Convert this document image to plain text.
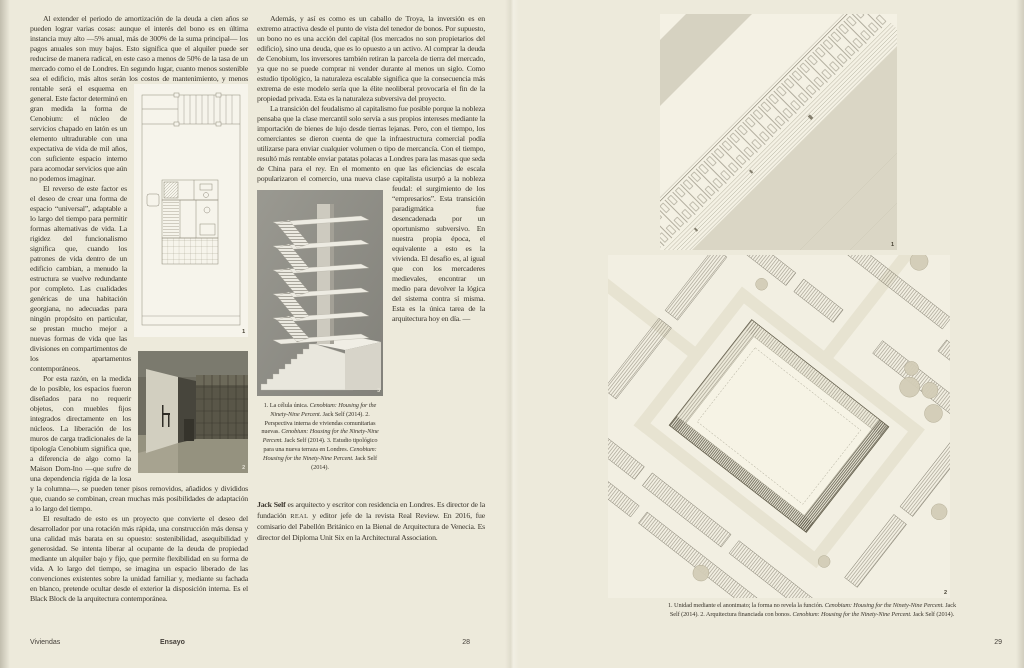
1
2

Al extender el periodo de amortización de la deuda a cien años se pueden lograr varias cosas: aunque el interés del bono es en última instancia muy alto —5% anual, más de 300% de la suma principal— los pagos anuales son muy bajos. Esto significa que el alquiler puede ser reducirse de manera radical, en este caso a menos de 50% de la tasa de un mercado como el de Londres. En segundo lugar, cuanto menos sostenible sea el edificio, más altos serán los costos de mantenimiento, y menos rentable será el esquema en general. Este factor determinó en gran medida la forma de Cenobium: el núcleo de servicios chapado en latón es un elemento ultradurable con una expectativa de vida de mil años, con suficiente espacio interno para acomodar servicios que aún no podemos imaginar.

El reverso de este factor es el deseo de crear una forma de espacio “universal”, adaptable a lo largo del tiempo para permitir formas alternativas de vida. La rigidez del funcionalismo significa que, cuando los patrones de vida dentro de un edificio cambian, a menudo la estructura se vuelve redundante por completo. Las cualidades genéricas de una habitación georgiana, no adecuadas para ningún propósito en particular, se prestan mucho mejor a nuevas formas de vida que las divisiones en compartimentos de los apartamentos contemporáneos.

Por esta razón, en la medida de lo posible, los espacios fueron diseñados para no requerir objetos, con muebles fijos integrados directamente en los núcleos. La liberación de los muros de carga tradicionales de la tipología Cenobium significa que, a diferencia de algo como la Maison Dom-Ino —que sufre de una dependencia rígida de la losa y la columna—, se pueden tener pisos removidos, añadidos y divididos que, cuando se combinan, crean muchas más posibilidades de adaptación a lo largo del tiempo.

El resultado de esto es un proyecto que convierte el deseo del desarrollador por una rotación más rápida, una construcción más densa y una calidad más barata en su opuesto: sostenibilidad, asequibilidad y generosidad. Se intenta liberar al ocupante de la deuda de propiedad mediante un alquiler bajo y fijo, que permite flexibilidad en su forma de vida. A lo largo del tiempo, se imagina un espacio liberado de las convenciones existentes sobre la unidad familiar y, mediante su fachada en blanco, pretende ocultar desde el exterior la disposición interna. Es el Black Block de la arquitectura contemporánea.

3
1. La célula única. Cenobium: Housing for the Ninety-Nine Percent. Jack Self (2014). 2. Perspectiva interna de viviendas comunitarias nuevas. Cenobium: Housing for the Ninety-Nine Percent. Jack Self (2014). 3. Estudio tipológico para una nueva terraza en Londres. Cenobium: Housing for the Ninety-Nine Percent. Jack Self (2014).

Además, y así es como es un caballo de Troya, la inversión es en extremo atractiva desde el punto de vista del tenedor de bonos. Por supuesto, un bono no es una acción del capital (los mercados no son propietarios del edificio), sino una deuda, que es lo opuesto a un activo. Al comprar la deuda de Cenobium, los inversores también retiran la parcela de tierra del mercado, ya que no se puede comprar ni vender durante al menos un siglo. Como estudio tipológico, la naturaleza escalable significa que la consecuencia más extrema de este modelo sería que la élite neoliberal provocaría el fin de la propiedad privada. Esta es la naturaleza subversiva del proyecto.

La transición del feudalismo al capitalismo fue posible porque la nobleza pensaba que la clase mercantil solo servía a sus propios intereses mediante la importación de bienes de lujo desde tierras lejanas. Pero, con el tiempo, los comerciantes se dieron cuenta de que la infraestructura comercial podía utilizarse para enviar cualquier volumen o tipo de mercancía. Con el tiempo, resultó más rentable enviar patatas polacas a Londres para las masas que seda de China para el rey. En el momento en que las eficiencias de escala popularizaron el comercio, una nueva clase capitalista usurpó a la nobleza feudal: el surgimiento de los “empresarios”. Esta transición paradigmática fue desencadenada por un oportunismo subversivo. En nuestra propia época, el equivalente a esto es la vivienda. El desafío es, al igual que con los mercaderes medievales, encontrar un medio para devolver la lógica del sistema contra sí misma. Esta es la única tarea de la arquitectura hoy en día. —

Jack Self es arquitecto y escritor con residencia en Londres. Es director de la fundación REAL y editor jefe de la revista Real Review. En 2016, fue comisario del Pabellón Británico en la Bienal de Arquitectura de Venecia. Es director del Diploma Unit Six en la Architectural Association.
1
2
1. Unidad mediante el anonimato; la forma no revela la función. Cenobium: Housing for the Ninety-Nine Percent. Jack Self (2014). 2. Arquitectura financiada con bonos. Cenobium: Housing for the Ninety-Nine Percent. Jack Self (2014).
Viviendas	Ensayo	28	29
